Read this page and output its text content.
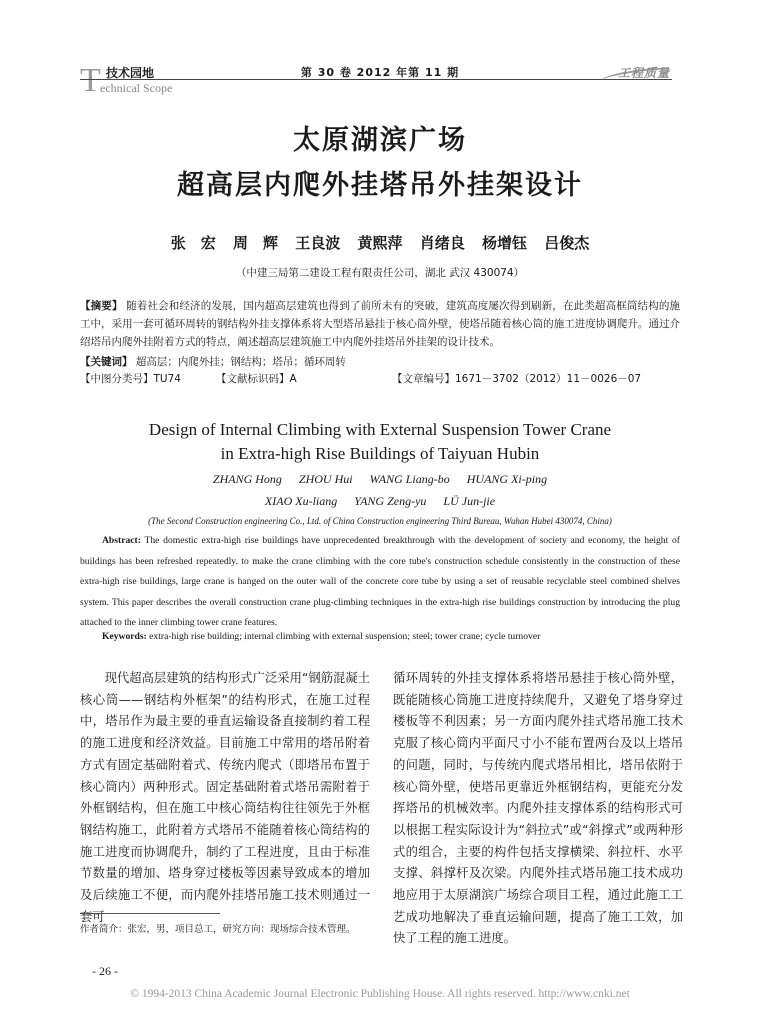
T 技术园地
echnical Scope
第 30 卷 2012 年第 11 期	工程质量
太原湖滨广场
超高层内爬外挂塔吊外挂架设计
张　宏 周　辉 王良波 黄熙萍 肖绪良 杨增钰 吕俊杰
（中建三局第二建设工程有限责任公司，湖北 武汉 430074）
【摘要】 随着社会和经济的发展，国内超高层建筑也得到了前所未有的突破，建筑高度屡次得到刷新，在此类超高框筒结构的施工中，采用一套可循环周转的钢结构外挂支撑体系将大型塔吊悬挂于核心筒外壁，使塔吊随着核心筒的施工进度协调爬升。通过介绍塔吊内爬外挂附着方式的特点，阐述超高层建筑施工中内爬外挂塔吊外挂架的设计技术。
【关键词】 超高层；内爬外挂；钢结构；塔吊；循环周转
【中图分类号】TU74	【文献标识码】A	【文章编号】1671－3702（2012）11－0026－07
Design of Internal Climbing with External Suspension Tower Crane
in Extra-high Rise Buildings of Taiyuan Hubin
ZHANG Hong ZHOU Hui WANG Liang-bo HUANG Xi-ping
XIAO Xu-liang YANG Zeng-yu LÜ Jun-jie
(The Second Construction engineering Co., Ltd. of China Construction engineering Third Bureau, Wuhan Hubei 430074, China)
Abstract: The domestic extra-high rise buildings have unprecedented breakthrough with the development of society and economy, the height of buildings has been refreshed repeatedly. to make the crane climbing with the core tube's construction schedule consistently in the construction of these extra-high rise buildings, large crane is hanged on the outer wall of the concrete core tube by using a set of reusable recyclable steel combined shelves system. This paper describes the overall construction crane plug-climbing techniques in the extra-high rise buildings construction by introducing the plug attached to the inner climbing tower crane features.
Keywords: extra-high rise building; internal climbing with external suspension; steel; tower crane; cycle turnover
现代超高层建筑的结构形式广泛采用“钢筋混凝土核心筒——钢结构外框架”的结构形式，在施工过程中，塔吊作为最主要的垂直运输设备直接制约着工程的施工进度和经济效益。目前施工中常用的塔吊附着方式有固定基础附着式、传统内爬式（即塔吊布置于核心筒内）两种形式。固定基础附着式塔吊需附着于外框钢结构，但在施工中核心筒结构往往领先于外框钢结构施工，此附着方式塔吊不能随着核心筒结构的施工进度而协调爬升，制约了工程进度，且由于标准节数量的增加、塔身穿过楼板等因素导致成本的增加及后续施工不便，而内爬外挂塔吊施工技术则通过一套可
循环周转的外挂支撑体系将塔吊悬挂于核心筒外壁，既能随核心筒施工进度持续爬升，又避免了塔身穿过楼板等不利因素；另一方面内爬外挂式塔吊施工技术克服了核心筒内平面尺寸小不能布置两台及以上塔吊的问题，同时，与传统内爬式塔吊相比，塔吊依附于核心筒外壁，使塔吊更靠近外框钢结构，更能充分发挥塔吊的机械效率。内爬外挂支撑体系的结构形式可以根据工程实际设计为“斜拉式”或“斜撑式”或两种形式的组合，主要的构件包括支撑横梁、斜拉杆、水平支撑、斜撑杆及次梁。内爬外挂式塔吊施工技术成功地应用于太原湖滨广场综合项目工程，通过此施工工艺成功地解决了垂直运输问题，提高了施工工效，加快了工程的施工进度。
作者简介：张宏，男，项目总工，研究方向：现场综合技术管理。
- 26 -
© 1994-2013 China Academic Journal Electronic Publishing House. All rights reserved. http://www.cnki.net
